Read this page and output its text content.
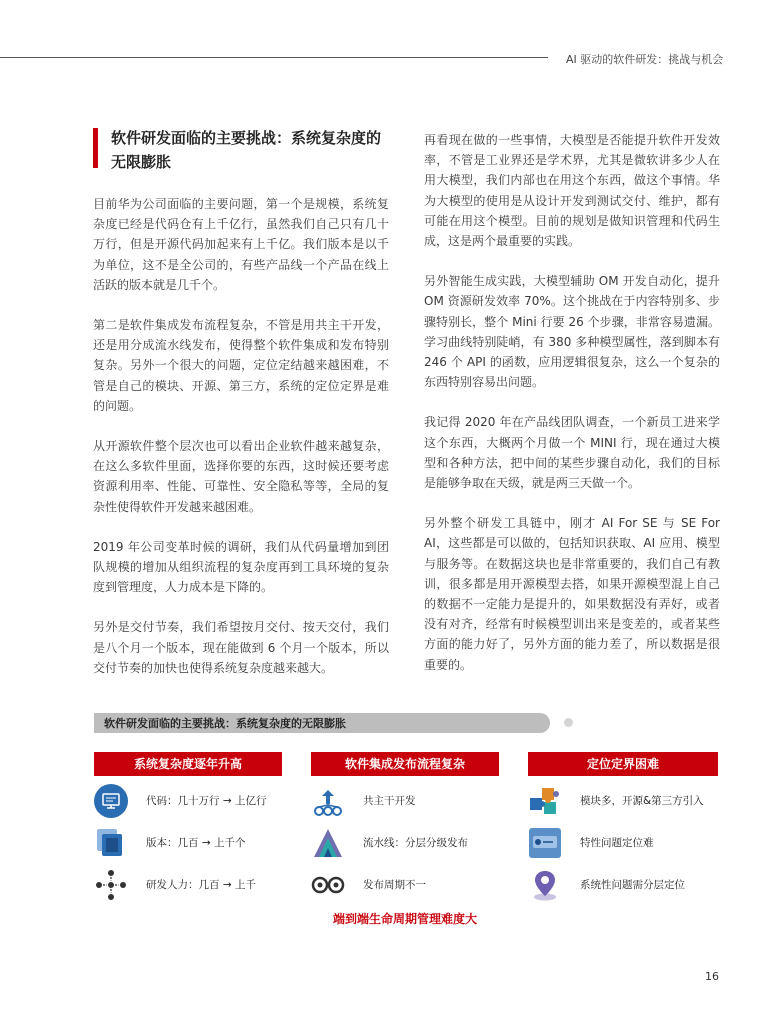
AI 驱动的软件研发：挑战与机会
软件研发面临的主要挑战：系统复杂度的无限膨胀

目前华为公司面临的主要问题，第一个是规模，系统复杂度已经是代码仓有上千亿行，虽然我们自己只有几十万行，但是开源代码加起来有上千亿。我们版本是以千为单位，这不是全公司的，有些产品线一个产品在线上活跃的版本就是几千个。

第二是软件集成发布流程复杂，不管是用共主干开发，还是用分成流水线发布，使得整个软件集成和发布特别复杂。另外一个很大的问题，定位定结越来越困难，不管是自己的模块、开源、第三方，系统的定位定界是难的问题。

从开源软件整个层次也可以看出企业软件越来越复杂，在这么多软件里面，选择你要的东西，这时候还要考虑资源利用率、性能、可靠性、安全隐私等等，全局的复杂性使得软件开发越来越困难。

2019 年公司变革时候的调研，我们从代码量增加到团队规模的增加从组织流程的复杂度再到工具环境的复杂度到管理度，人力成本是下降的。

另外是交付节奏，我们希望按月交付、按天交付，我们是八个月一个版本，现在能做到 6 个月一个版本，所以交付节奏的加快也使得系统复杂度越来越大。

再看现在做的一些事情，大模型是否能提升软件开发效率，不管是工业界还是学术界，尤其是微软讲多少人在用大模型，我们内部也在用这个东西，做这个事情。华为大模型的使用是从设计开发到测试交付、维护，都有可能在用这个模型。目前的规划是做知识管理和代码生成，这是两个最重要的实践。

另外智能生成实践，大模型辅助 OM 开发自动化，提升 OM 资源研发效率 70%。这个挑战在于内容特别多、步骤特别长，整个 Mini 行要 26 个步骤，非常容易遗漏。学习曲线特别陡峭，有 380 多种模型属性，落到脚本有 246 个 API 的函数，应用逻辑很复杂，这么一个复杂的东西特别容易出问题。

我记得 2020 年在产品线团队调查，一个新员工进来学这个东西，大概两个月做一个 MINI 行，现在通过大模型和各种方法，把中间的某些步骤自动化，我们的目标是能够争取在天级，就是两三天做一个。

另外整个研发工具链中，刚才 AI For SE 与 SE For AI，这些都是可以做的，包括知识获取、AI 应用、模型与服务等。在数据这块也是非常重要的，我们自己有教训，很多都是用开源模型去搭，如果开源模型混上自己的数据不一定能力是提升的，如果数据没有弄好，或者没有对齐，经常有时候模型训出来是变差的，或者某些方面的能力好了，另外方面的能力差了，所以数据是很重要的。

软件研发面临的主要挑战：系统复杂度的无限膨胀
系统复杂度逐年升高	软件集成发布流程复杂	定位定界困难
代码：几十万行 → 上亿行
版本：几百 → 上千个
研发人力：几百 → 上千
共主干开发
流水线：分层分级发布
发布周期不一
模块多，开源&第三方引入
特性问题定位难
系统性问题需分层定位
端到端生命周期管理难度大
16
